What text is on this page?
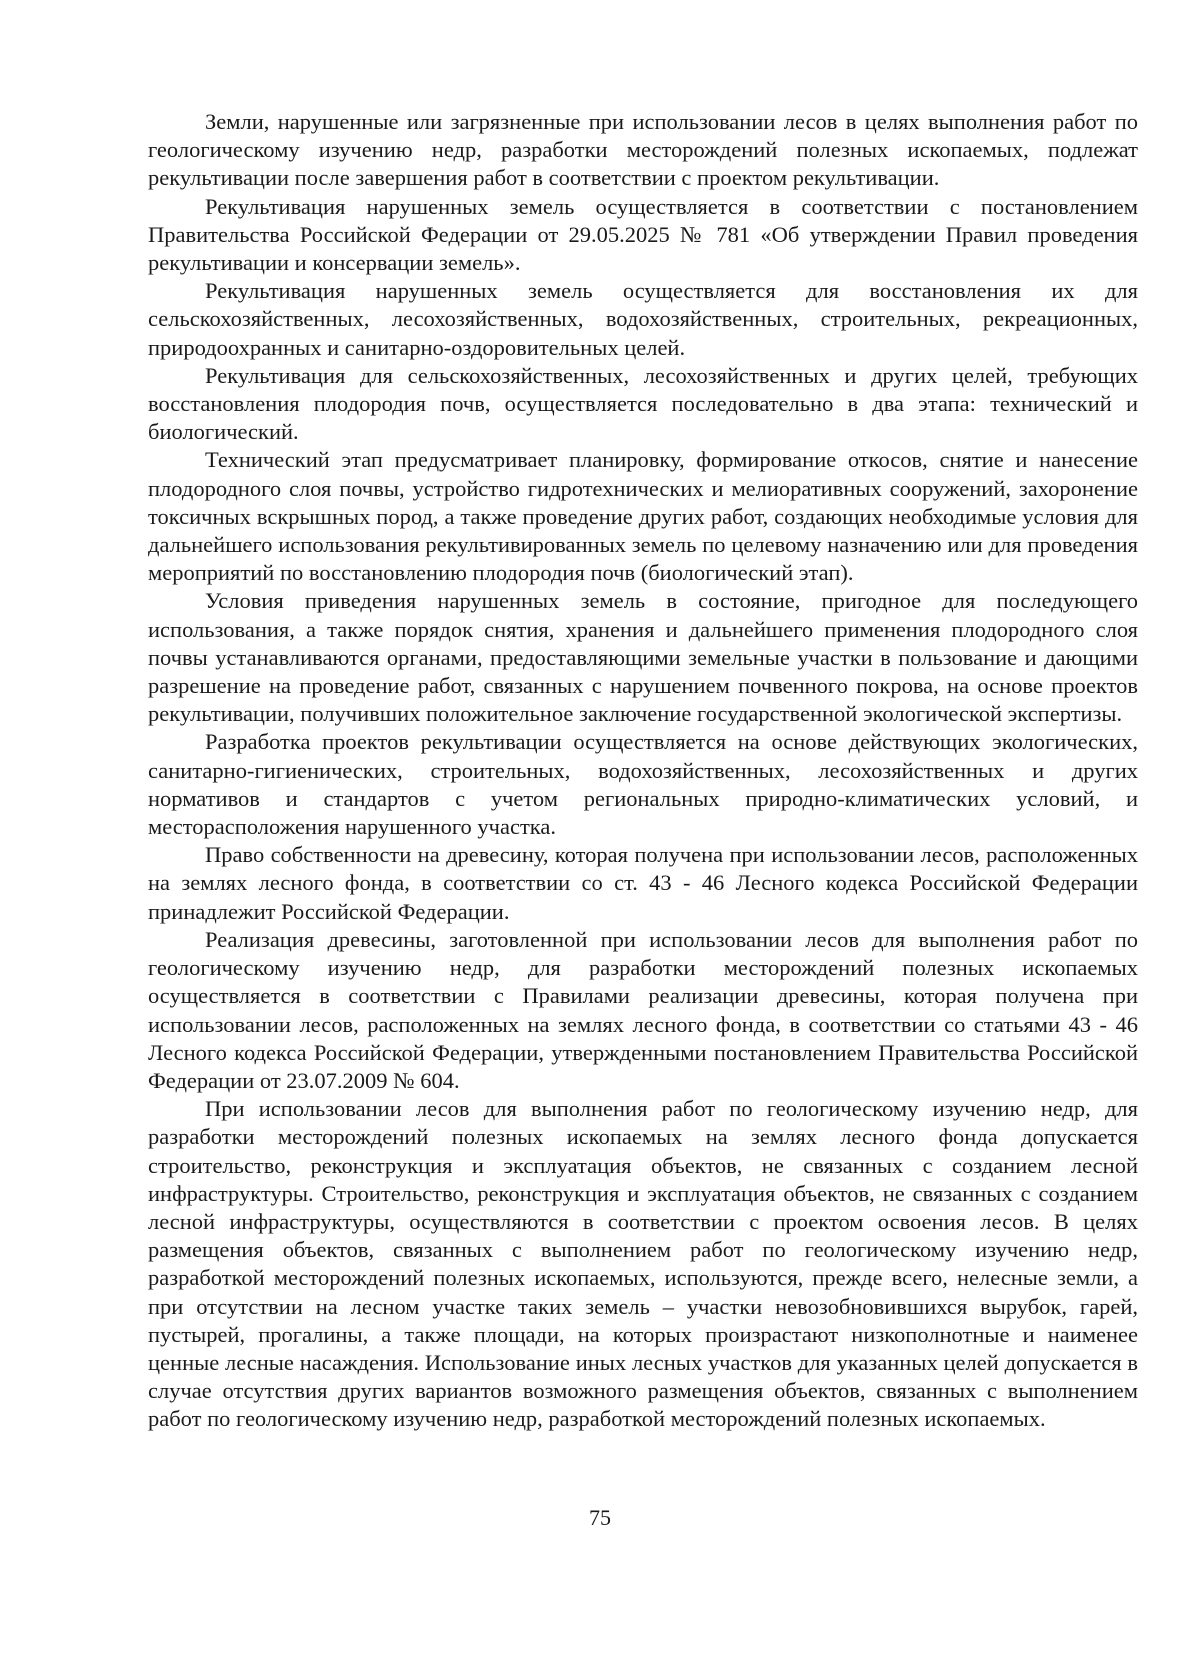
Земли, нарушенные или загрязненные при использовании лесов в целях выполнения работ по геологическому изучению недр, разработки месторождений полезных ископаемых, подлежат рекультивации после завершения работ в соответствии с проектом рекультивации.

Рекультивация нарушенных земель осуществляется в соответствии с постановлением Правительства Российской Федерации от 29.05.2025 № 781 «Об утверждении Правил проведения рекультивации и консервации земель».

Рекультивация нарушенных земель осуществляется для восстановления их для сельскохозяйственных, лесохозяйственных, водохозяйственных, строительных, рекреационных, природоохранных и санитарно-оздоровительных целей.

Рекультивация для сельскохозяйственных, лесохозяйственных и других целей, требующих восстановления плодородия почв, осуществляется последовательно в два этапа: технический и биологический.

Технический этап предусматривает планировку, формирование откосов, снятие и нанесение плодородного слоя почвы, устройство гидротехнических и мелиоративных сооружений, захоронение токсичных вскрышных пород, а также проведение других работ, создающих необходимые условия для дальнейшего использования рекультивированных земель по целевому назначению или для проведения мероприятий по восстановлению плодородия почв (биологический этап).

Условия приведения нарушенных земель в состояние, пригодное для последующего использования, а также порядок снятия, хранения и дальнейшего применения плодородного слоя почвы устанавливаются органами, предоставляющими земельные участки в пользование и дающими разрешение на проведение работ, связанных с нарушением почвенного покрова, на основе проектов рекультивации, получивших положительное заключение государственной экологической экспертизы.

Разработка проектов рекультивации осуществляется на основе действующих экологических, санитарно-гигиенических, строительных, водохозяйственных, лесохозяйственных и других нормативов и стандартов с учетом региональных природно-климатических условий, и месторасположения нарушенного участка.

Право собственности на древесину, которая получена при использовании лесов, расположенных на землях лесного фонда, в соответствии со ст. 43 - 46 Лесного кодекса Российской Федерации принадлежит Российской Федерации.

Реализация древесины, заготовленной при использовании лесов для выполнения работ по геологическому изучению недр, для разработки месторождений полезных ископаемых осуществляется в соответствии с Правилами реализации древесины, которая получена при использовании лесов, расположенных на землях лесного фонда, в соответствии со статьями 43 - 46 Лесного кодекса Российской Федерации, утвержденными постановлением Правительства Российской Федерации от 23.07.2009 № 604.

При использовании лесов для выполнения работ по геологическому изучению недр, для разработки месторождений полезных ископаемых на землях лесного фонда допускается строительство, реконструкция и эксплуатация объектов, не связанных с созданием лесной инфраструктуры. Строительство, реконструкция и эксплуатация объектов, не связанных с созданием лесной инфраструктуры, осуществляются в соответствии с проектом освоения лесов. В целях размещения объектов, связанных с выполнением работ по геологическому изучению недр, разработкой месторождений полезных ископаемых, используются, прежде всего, нелесные земли, а при отсутствии на лесном участке таких земель – участки невозобновившихся вырубок, гарей, пустырей, прогалины, а также площади, на которых произрастают низкополнотные и наименее ценные лесные насаждения. Использование иных лесных участков для указанных целей допускается в случае отсутствия других вариантов возможного размещения объектов, связанных с выполнением работ по геологическому изучению недр, разработкой месторождений полезных ископаемых.

75
